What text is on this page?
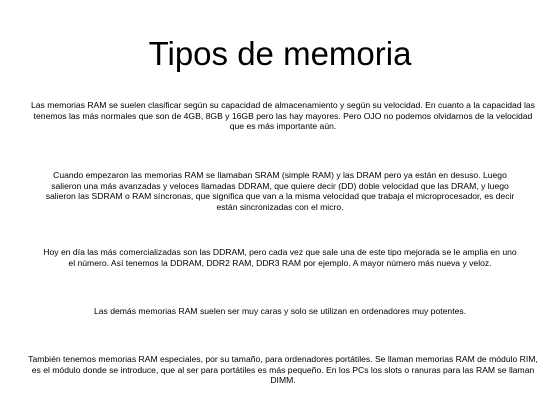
Tipos de memoria

Las memorias RAM se suelen clasificar según su capacidad de almacenamiento y según su velocidad. En cuanto a la capacidad las tenemos las más normales que son de 4GB, 8GB y 16GB pero las hay mayores. Pero OJO no podemos olvidarnos de la velocidad que es más importante aún.

Cuando empezaron las memorias RAM se llamaban SRAM (simple RAM) y las DRAM pero ya están en desuso. Luego salieron una más avanzadas y veloces llamadas DDRAM, que quiere decir (DD) doble velocidad que las DRAM, y luego salieron las SDRAM o RAM síncronas, que significa que van a la misma velocidad que trabaja el microprocesador, es decir están sincronizadas con el micro.

Hoy en día las más comercializadas son las DDRAM, pero cada vez que sale una de este tipo mejorada se le amplia en uno el número. Así tenemos la DDRAM, DDR2 RAM, DDR3 RAM por ejemplo. A mayor número más nueva y veloz.

Las demás memorias RAM suelen ser muy caras y solo se utilizan en ordenadores muy potentes.

También tenemos memorias RAM especiales, por su tamaño, para ordenadores portátiles. Se llaman memorias RAM de módulo RIM, es el módulo donde se introduce, que al ser para portátiles es más pequeño. En los PCs los slots o ranuras para las RAM se llaman DIMM.
